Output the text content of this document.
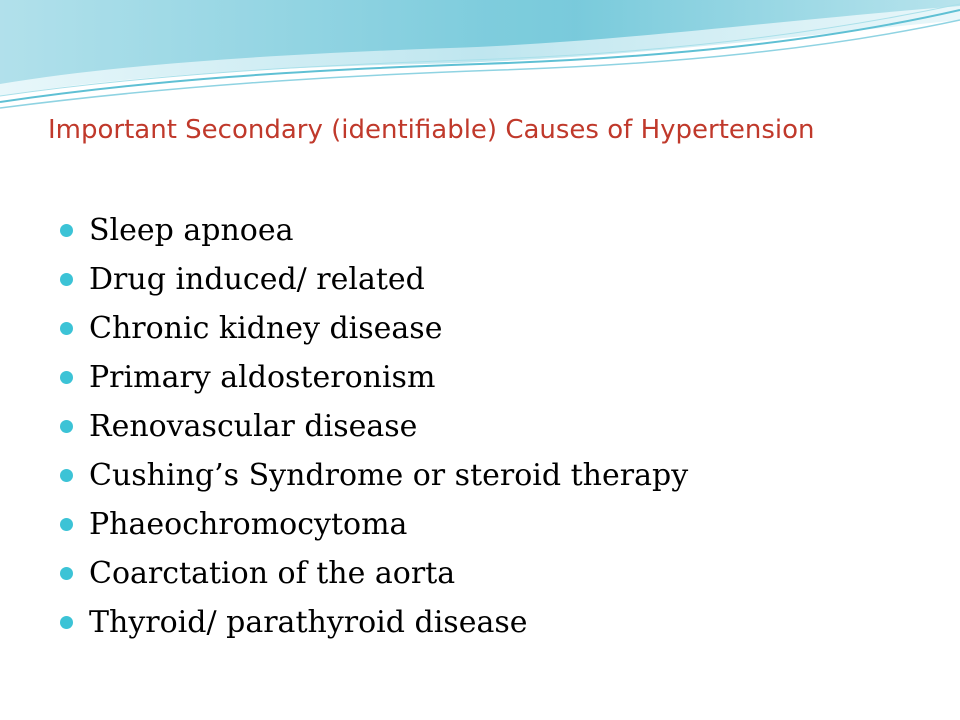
Important Secondary (identifiable) Causes of Hypertension
Sleep apnoea
Drug induced/ related
Chronic kidney disease
Primary aldosteronism
Renovascular disease
Cushing’s Syndrome or steroid therapy
Phaeochromocytoma
Coarctation of the aorta
Thyroid/ parathyroid disease
